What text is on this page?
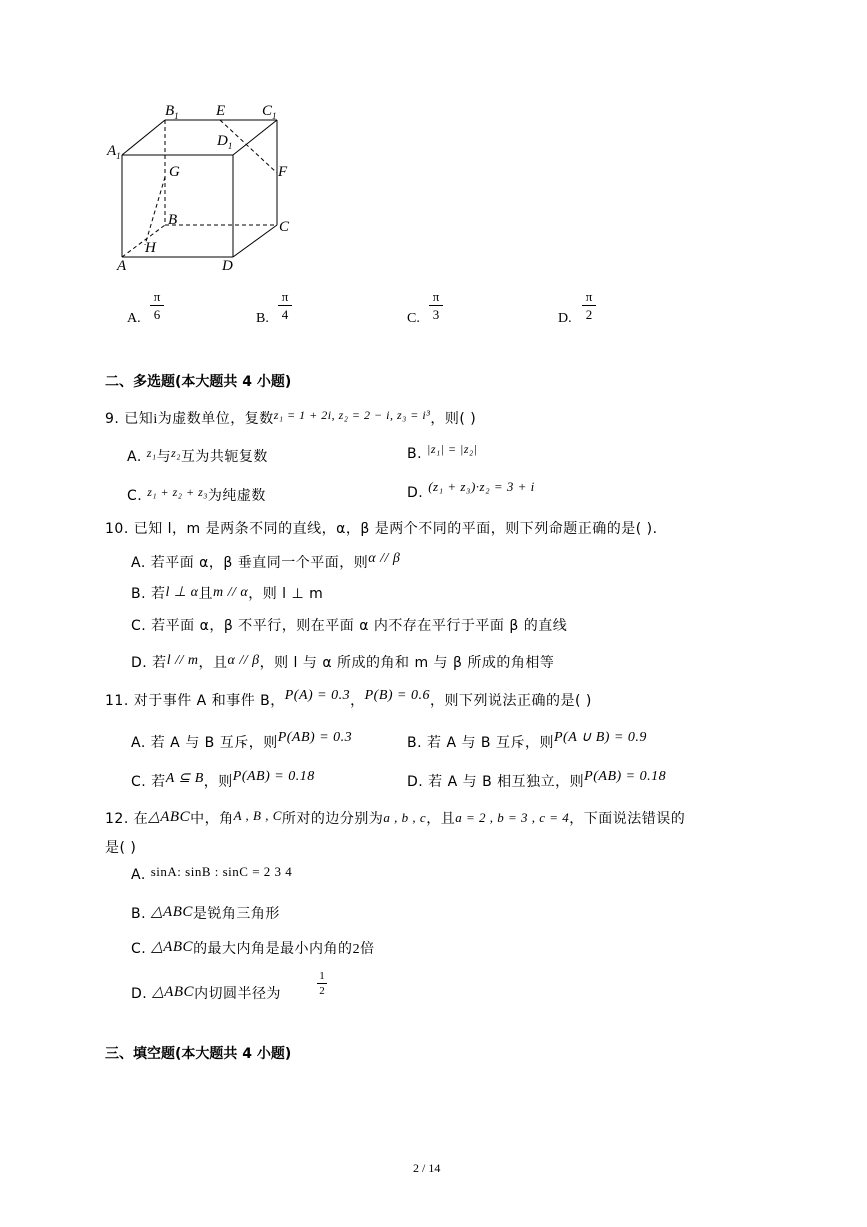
$A_1$
$B_1$ E $C_1$
$D_1$
G	F
B	C
H
A	D
A.
π
6	B.
π
4	C.
π
3	D.
π
2
二、多选题(本大题共 4 小题)
9. 已知i为虚数单位，复数z₁ = 1 + 2i, z₂ = 2 − i, z₃ = i³，则( )
A. z₁与z₂互为共轭复数	B. |z₁| = |z₂|
C. z₁ + z₂ + z₃为纯虚数	D. (z₁ + z₃)·z₂ = 3 + i
10. 已知 l，m 是两条不同的直线，α，β 是两个不同的平面，则下列命题正确的是( ).
A. 若平面 α，β 垂直同一个平面，则α // β
B. 若l ⊥ α且m // α，则 l ⊥ m
C. 若平面 α，β 不平行，则在平面 α 内不存在平行于平面 β 的直线
D. 若l // m，且α // β，则 l 与 α 所成的角和 m 与 β 所成的角相等
11. 对于事件 A 和事件 B，P(A) = 0.3，P(B) = 0.6，则下列说法正确的是( )
A. 若 A 与 B 互斥，则P(AB) = 0.3	B. 若 A 与 B 互斥，则P(A ∪ B) = 0.9
C. 若A ⊆ B，则P(AB) = 0.18	D. 若 A 与 B 相互独立，则P(AB) = 0.18
12. 在△ABC中，角A , B , C所对的边分别为a , b , c，且a = 2 , b = 3 , c = 4，下面说法错误的
是( )
A. sinA: sinB : sinC = 2 3 4
B. △ABC是锐角三角形
C. △ABC的最大内角是最小内角的2倍
D. △ABC内切圆半径为
1
2
三、填空题(本大题共 4 小题)
2 / 14
